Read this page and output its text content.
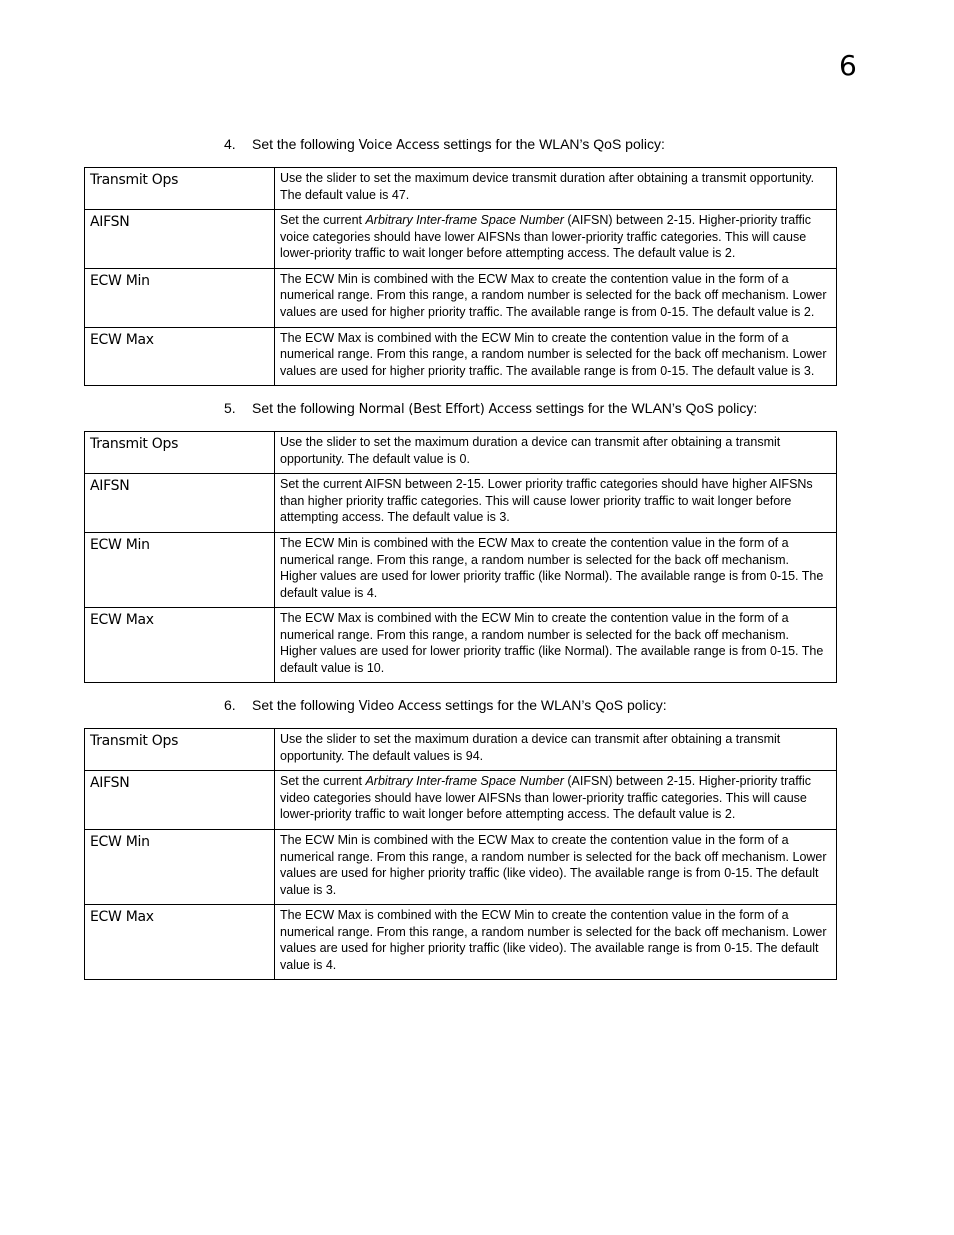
6
4. Set the following Voice Access settings for the WLAN’s QoS policy:
Transmit Ops	Use the slider to set the maximum device transmit duration after obtaining a transmit opportunity. The default value is 47.
AIFSN	Set the current Arbitrary Inter-frame Space Number (AIFSN) between 2-15. Higher-priority traffic voice categories should have lower AIFSNs than lower-priority traffic categories. This will cause lower-priority traffic to wait longer before attempting access. The default value is 2.
ECW Min	The ECW Min is combined with the ECW Max to create the contention value in the form of a numerical range. From this range, a random number is selected for the back off mechanism. Lower values are used for higher priority traffic. The available range is from 0-15. The default value is 2.
ECW Max	The ECW Max is combined with the ECW Min to create the contention value in the form of a numerical range. From this range, a random number is selected for the back off mechanism. Lower values are used for higher priority traffic. The available range is from 0-15. The default value is 3.
5. Set the following Normal (Best Effort) Access settings for the WLAN’s QoS policy:
Transmit Ops	Use the slider to set the maximum duration a device can transmit after obtaining a transmit opportunity. The default value is 0.
AIFSN	Set the current AIFSN between 2-15. Lower priority traffic categories should have higher AIFSNs than higher priority traffic categories. This will cause lower priority traffic to wait longer before attempting access. The default value is 3.
ECW Min	The ECW Min is combined with the ECW Max to create the contention value in the form of a numerical range. From this range, a random number is selected for the back off mechanism. Higher values are used for lower priority traffic (like Normal). The available range is from 0-15. The default value is 4.
ECW Max	The ECW Max is combined with the ECW Min to create the contention value in the form of a numerical range. From this range, a random number is selected for the back off mechanism. Higher values are used for lower priority traffic (like Normal). The available range is from 0-15. The default value is 10.
6. Set the following Video Access settings for the WLAN’s QoS policy:
Transmit Ops	Use the slider to set the maximum duration a device can transmit after obtaining a transmit opportunity. The default values is 94.
AIFSN	Set the current Arbitrary Inter-frame Space Number (AIFSN) between 2-15. Higher-priority traffic video categories should have lower AIFSNs than lower-priority traffic categories. This will cause lower-priority traffic to wait longer before attempting access. The default value is 2.
ECW Min	The ECW Min is combined with the ECW Max to create the contention value in the form of a numerical range. From this range, a random number is selected for the back off mechanism. Lower values are used for higher priority traffic (like video). The available range is from 0-15. The default value is 3.
ECW Max	The ECW Max is combined with the ECW Min to create the contention value in the form of a numerical range. From this range, a random number is selected for the back off mechanism. Lower values are used for higher priority traffic (like video). The available range is from 0-15. The default value is 4.
